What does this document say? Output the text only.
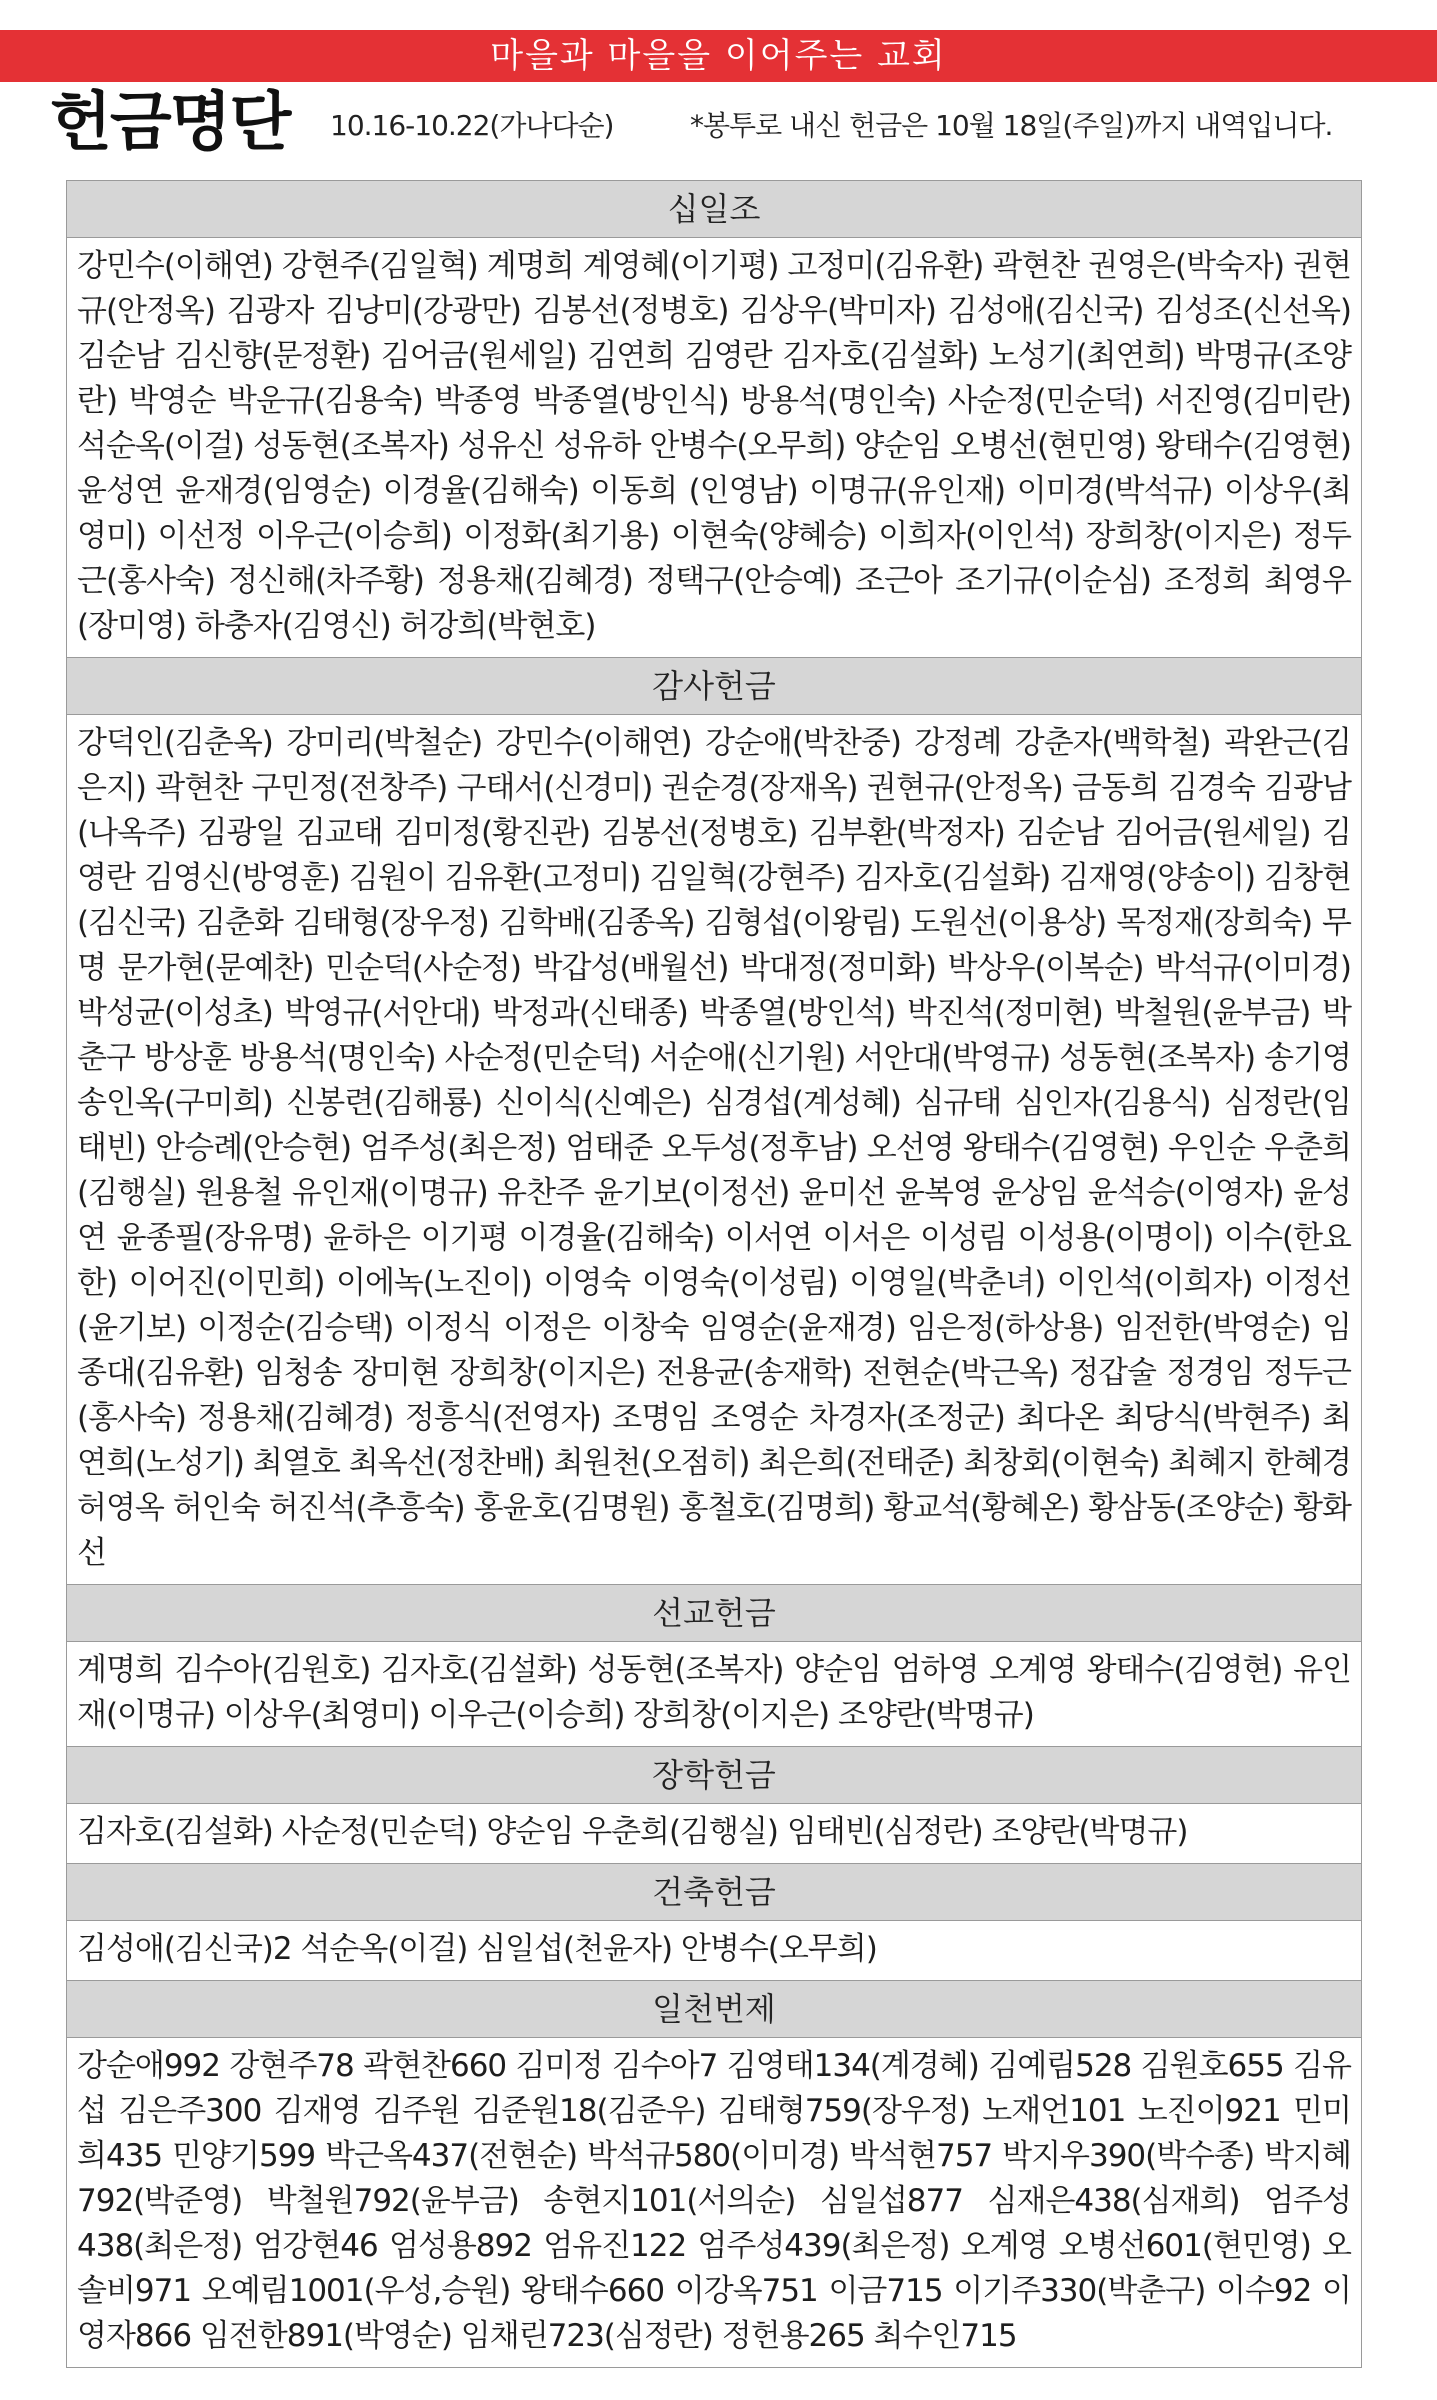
마을과 마을을 이어주는 교회
헌금명단 10.16-10.22(가나다순)	*봉투로 내신 헌금은 10월 18일(주일)까지 내역입니다.
십일조
강민수(이해연) 강현주(김일혁) 계명희 계영혜(이기평) 고정미(김유환) 곽현찬 권영은(박숙자) 권현규(안정옥) 김광자 김낭미(강광만) 김봉선(정병호) 김상우(박미자) 김성애(김신국) 김성조(신선옥) 김순남 김신향(문정환) 김어금(원세일) 김연희 김영란 김자호(김설화) 노성기(최연희) 박명규(조양란) 박영순 박운규(김용숙) 박종영 박종열(방인식) 방용석(명인숙) 사순정(민순덕) 서진영(김미란) 석순옥(이걸) 성동현(조복자) 성유신 성유하 안병수(오무희) 양순임 오병선(현민영) 왕태수(김영현) 윤성연 윤재경(임영순) 이경율(김해숙) 이동희 (인영남) 이명규(유인재) 이미경(박석규) 이상우(최영미) 이선정 이우근(이승희) 이정화(최기용) 이현숙(양혜승) 이희자(이인석) 장희창(이지은) 정두근(홍사숙) 정신해(차주황) 정용채(김혜경) 정택구(안승예) 조근아 조기규(이순심) 조정희 최영우(장미영) 하충자(김영신) 허강희(박현호)
감사헌금
강덕인(김춘옥) 강미리(박철순) 강민수(이해연) 강순애(박찬중) 강정례 강춘자(백학철) 곽완근(김은지) 곽현찬 구민정(전창주) 구태서(신경미) 권순경(장재옥) 권현규(안정옥) 금동희 김경숙 김광남(나옥주) 김광일 김교태 김미정(황진관) 김봉선(정병호) 김부환(박정자) 김순남 김어금(원세일) 김영란 김영신(방영훈) 김원이 김유환(고정미) 김일혁(강현주) 김자호(김설화) 김재영(양송이) 김창현(김신국) 김춘화 김태형(장우정) 김학배(김종옥) 김형섭(이왕림) 도원선(이용상) 목정재(장희숙) 무명 문가현(문예찬) 민순덕(사순정) 박갑성(배월선) 박대정(정미화) 박상우(이복순) 박석규(이미경) 박성균(이성초) 박영규(서안대) 박정과(신태종) 박종열(방인석) 박진석(정미현) 박철원(윤부금) 박춘구 방상훈 방용석(명인숙) 사순정(민순덕) 서순애(신기원) 서안대(박영규) 성동현(조복자) 송기영 송인옥(구미희) 신봉련(김해룡) 신이식(신예은) 심경섭(계성혜) 심규태 심인자(김용식) 심정란(임태빈) 안승례(안승현) 엄주성(최은정) 엄태준 오두성(정후남) 오선영 왕태수(김영현) 우인순 우춘희(김행실) 원용철 유인재(이명규) 유찬주 윤기보(이정선) 윤미선 윤복영 윤상임 윤석승(이영자) 윤성연 윤종필(장유명) 윤하은 이기평 이경율(김해숙) 이서연 이서은 이성림 이성용(이명이) 이수(한요한) 이어진(이민희) 이에녹(노진이) 이영숙 이영숙(이성림) 이영일(박춘녀) 이인석(이희자) 이정선(윤기보) 이정순(김승택) 이정식 이정은 이창숙 임영순(윤재경) 임은정(하상용) 임전한(박영순) 임종대(김유환) 임청송 장미현 장희창(이지은) 전용균(송재학) 전현순(박근옥) 정갑술 정경임 정두근(홍사숙) 정용채(김혜경) 정흥식(전영자) 조명임 조영순 차경자(조정군) 최다온 최당식(박현주) 최연희(노성기) 최열호 최옥선(정찬배) 최원천(오점히) 최은희(전태준) 최창회(이현숙) 최혜지 한혜경 허영옥 허인숙 허진석(추흥숙) 홍윤호(김명원) 홍철호(김명희) 황교석(황혜온) 황삼동(조양순) 황화선
선교헌금
계명희 김수아(김원호) 김자호(김설화) 성동현(조복자) 양순임 엄하영 오계영 왕태수(김영현) 유인재(이명규) 이상우(최영미) 이우근(이승희) 장희창(이지은) 조양란(박명규)
장학헌금
김자호(김설화) 사순정(민순덕) 양순임 우춘희(김행실) 임태빈(심정란) 조양란(박명규)
건축헌금
김성애(김신국)2 석순옥(이걸) 심일섭(천윤자) 안병수(오무희)
일천번제
강순애992 강현주78 곽현찬660 김미정 김수아7 김영태134(계경혜) 김예림528 김원호655 김유섭 김은주300 김재영 김주원 김준원18(김준우) 김태형759(장우정) 노재언101 노진이921 민미희435 민양기599 박근옥437(전현순) 박석규580(이미경) 박석현757 박지우390(박수종) 박지혜792(박준영) 박철원792(윤부금) 송현지101(서의순) 심일섭877 심재은438(심재희) 엄주성438(최은정) 엄강현46 엄성용892 엄유진122 엄주성439(최은정) 오계영 오병선601(현민영) 오솔비971 오예림1001(우성,승원) 왕태수660 이강옥751 이금715 이기주330(박춘구) 이수92 이영자866 임전한891(박영순) 임채린723(심정란) 정헌용265 최수인715
